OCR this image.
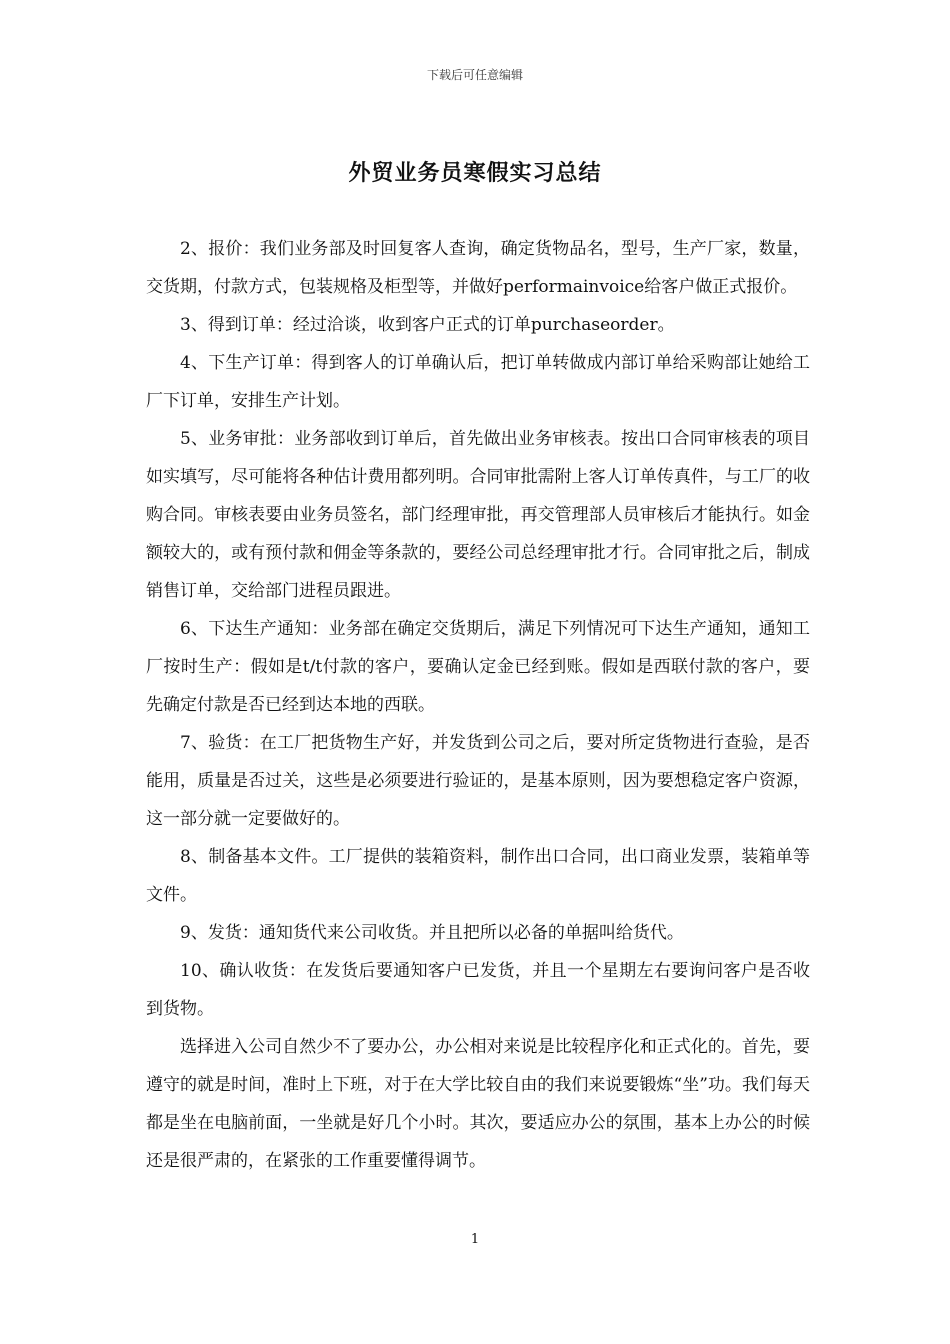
下载后可任意编辑
外贸业务员寒假实习总结

2、报价：我们业务部及时回复客人查询，确定货物品名，型号，生产厂家，数量，交货期，付款方式，包装规格及柜型等，并做好performainvoice给客户做正式报价。

3、得到订单：经过洽谈，收到客户正式的订单purchaseorder。

4、下生产订单：得到客人的订单确认后，把订单转做成内部订单给采购部让她给工厂下订单，安排生产计划。

5、业务审批：业务部收到订单后，首先做出业务审核表。按出口合同审核表的项目如实填写，尽可能将各种估计费用都列明。合同审批需附上客人订单传真件，与工厂的收购合同。审核表要由业务员签名，部门经理审批，再交管理部人员审核后才能执行。如金额较大的，或有预付款和佣金等条款的，要经公司总经理审批才行。合同审批之后，制成销售订单，交给部门进程员跟进。

6、下达生产通知：业务部在确定交货期后，满足下列情况可下达生产通知，通知工厂按时生产：假如是t/t付款的客户，要确认定金已经到账。假如是西联付款的客户，要先确定付款是否已经到达本地的西联。

7、验货：在工厂把货物生产好，并发货到公司之后，要对所定货物进行查验，是否能用，质量是否过关，这些是必须要进行验证的，是基本原则，因为要想稳定客户资源，这一部分就一定要做好的。

8、制备基本文件。工厂提供的装箱资料，制作出口合同，出口商业发票，装箱单等文件。

9、发货：通知货代来公司收货。并且把所以必备的单据叫给货代。

10、确认收货：在发货后要通知客户已发货，并且一个星期左右要询问客户是否收到货物。

选择进入公司自然少不了要办公，办公相对来说是比较程序化和正式化的。首先，要遵守的就是时间，准时上下班，对于在大学比较自由的我们来说要锻炼“坐”功。我们每天都是坐在电脑前面，一坐就是好几个小时。其次，要适应办公的氛围，基本上办公的时候还是很严肃的，在紧张的工作重要懂得调节。

1
